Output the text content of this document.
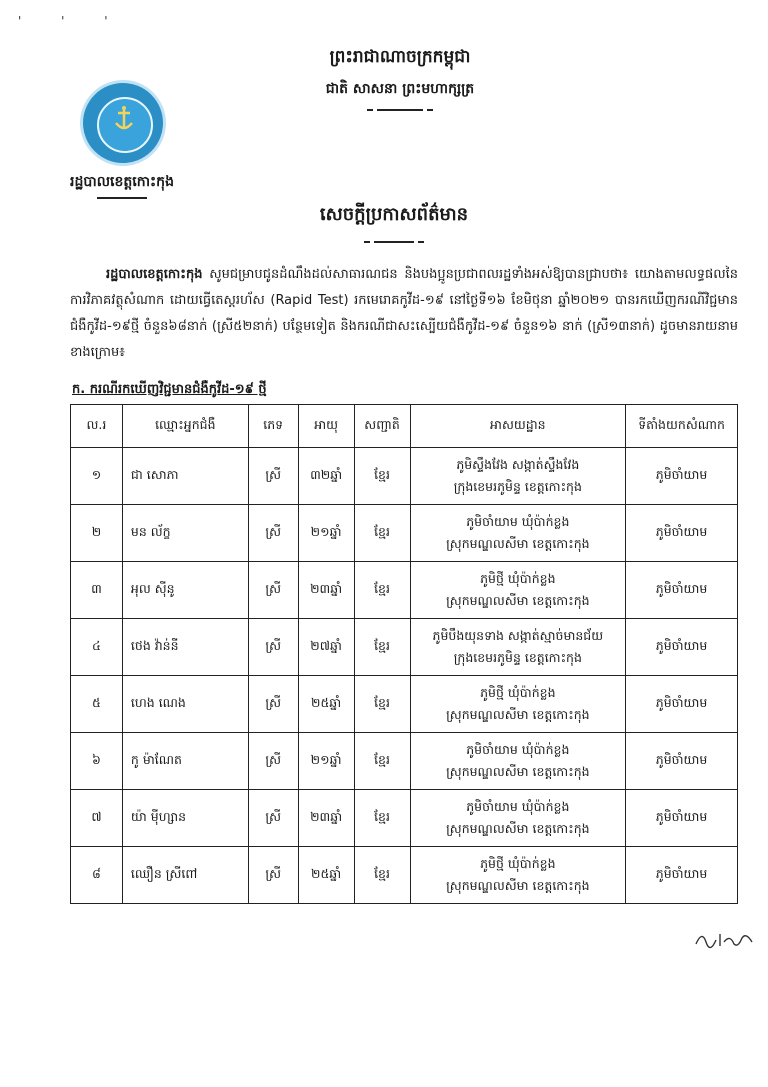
' ' '
ព្រះរាជាណាចក្រកម្ពុជា
ជាតិ សាសនា ព្រះមហាក្សត្រ
រដ្ឋបាលខេត្តកោះកុង
សេចក្តីប្រកាសព័ត៌មាន
រដ្ឋបាលខេត្តកោះកុង សូមជម្រាបជូនដំណឹងដល់សាធារណជន និងបងប្អូនប្រជាពលរដ្ឋទាំងអស់ឱ្យបានជ្រាបថា៖ យោងតាមលទ្ធផលនៃការវិភាគវត្ថុសំណាក ដោយធ្វើតេស្តរហ័ស (Rapid Test) រកមេរោគកូវីដ-១៩ នៅថ្ងៃទី១៦ ខែមិថុនា ឆ្នាំ២០២១ បានរកឃើញករណីវិជ្ជមានជំងឺកូវីដ-១៩ថ្មី ចំនួន៦៨នាក់ (ស្រី៥២នាក់) បន្ថែមទៀត និងករណីជាសះស្បើយជំងឺកូវីដ-១៩ ចំនួន១៦ នាក់ (ស្រី១៣នាក់) ដូចមានរាយនាមខាងក្រោម៖
ក. ករណីរកឃើញវិជ្ជមានជំងឺកូវីដ-១៩ ថ្មី
ល.រ	ឈ្មោះអ្នកជំងឺ	ភេទ	អាយុ	សញ្ជាតិ	អាសយដ្ឋាន	ទីតាំងយកសំណាក
១	ជា សោភា	ស្រី	៣២ឆ្នាំ	ខ្មែរ	ភូមិស្ទឹងវែង សង្កាត់ស្ទឹងវែង
ក្រុងខេមរភូមិន្ទ ខេត្តកោះកុង	ភូមិចាំយាម
២	មន ល័ក្ខ	ស្រី	២១ឆ្នាំ	ខ្មែរ	ភូមិចាំយាម ឃុំប៉ាក់ខ្លង
ស្រុកមណ្ឌលសីមា ខេត្តកោះកុង	ភូមិចាំយាម
៣	អុល ស៊ីនូ	ស្រី	២៣ឆ្នាំ	ខ្មែរ	ភូមិថ្មី ឃុំប៉ាក់ខ្លង
ស្រុកមណ្ឌលសីមា ខេត្តកោះកុង	ភូមិចាំយាម
៤	ថេង វ៉ាន់នី	ស្រី	២៧ឆ្នាំ	ខ្មែរ	ភូមិបឹងយុនទាង សង្កាត់ស្មាច់មានជ័យ
ក្រុងខេមរភូមិន្ទ ខេត្តកោះកុង	ភូមិចាំយាម
៥	ហេង ណេង	ស្រី	២៥ឆ្នាំ	ខ្មែរ	ភូមិថ្មី ឃុំប៉ាក់ខ្លង
ស្រុកមណ្ឌលសីមា ខេត្តកោះកុង	ភូមិចាំយាម
៦	កូ ម៉ាណែត	ស្រី	២១ឆ្នាំ	ខ្មែរ	ភូមិចាំយាម ឃុំប៉ាក់ខ្លង
ស្រុកមណ្ឌលសីមា ខេត្តកោះកុង	ភូមិចាំយាម
៧	យ៉ា ម៉ីហ្សាន	ស្រី	២៣ឆ្នាំ	ខ្មែរ	ភូមិចាំយាម ឃុំប៉ាក់ខ្លង
ស្រុកមណ្ឌលសីមា ខេត្តកោះកុង	ភូមិចាំយាម
៨	ឈឿន ស្រីពៅ	ស្រី	២៥ឆ្នាំ	ខ្មែរ	ភូមិថ្មី ឃុំប៉ាក់ខ្លង
ស្រុកមណ្ឌលសីមា ខេត្តកោះកុង	ភូមិចាំយាម
